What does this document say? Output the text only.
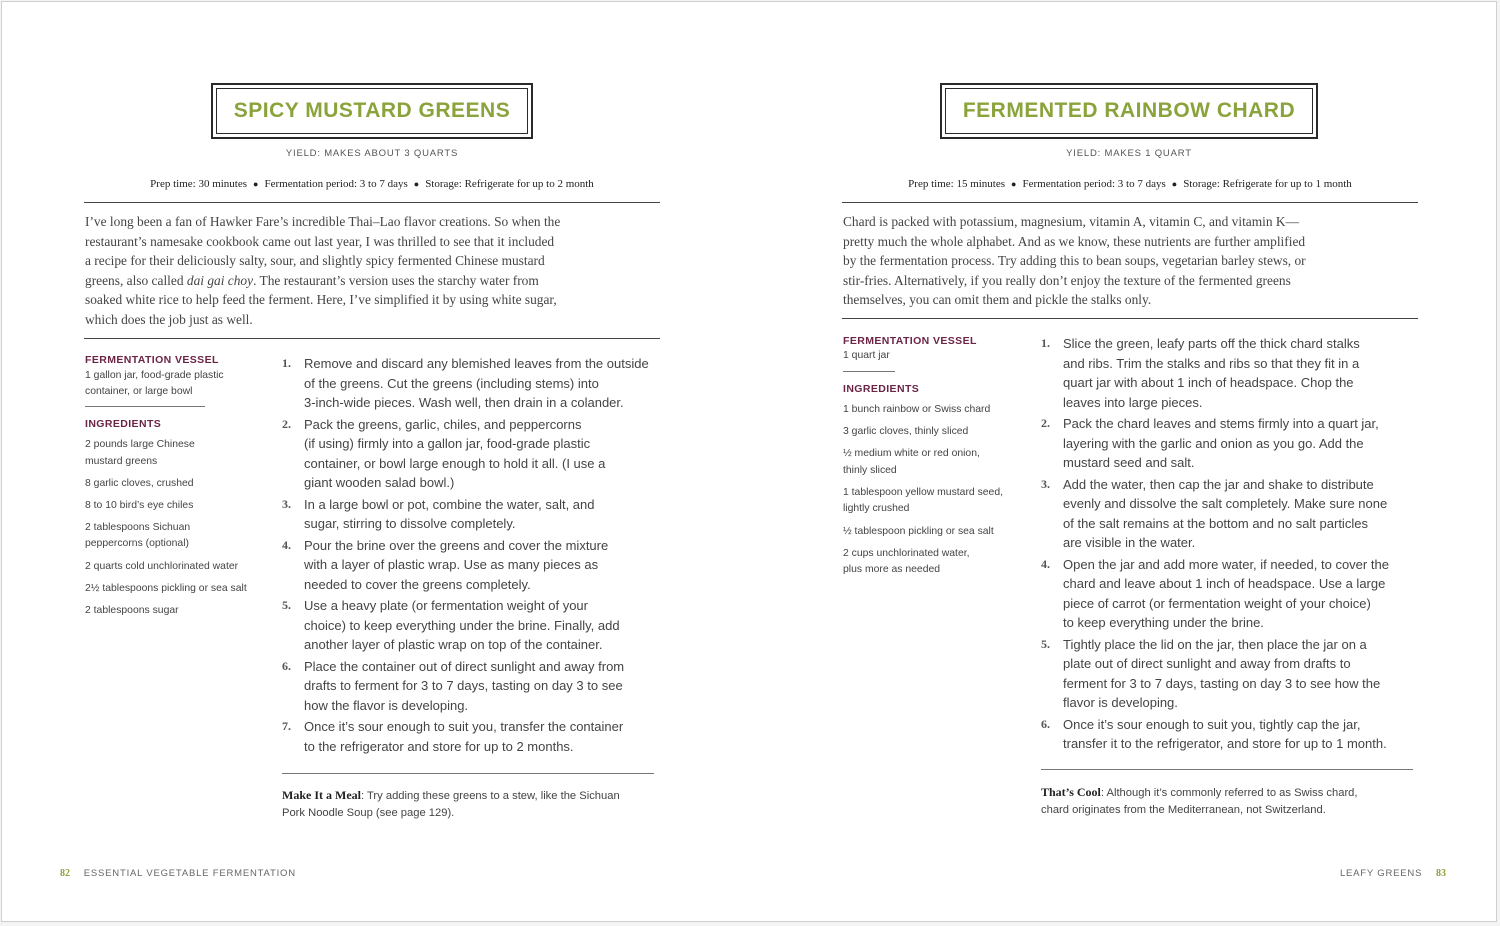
SPICY MUSTARD GREENS
YIELD: MAKES ABOUT 3 QUARTS
Prep time: 30 minutes ● Fermentation period: 3 to 7 days ● Storage: Refrigerate for up to 2 month

I’ve long been a fan of Hawker Fare’s incredible Thai–Lao flavor creations. So when the
restaurant’s namesake cookbook came out last year, I was thrilled to see that it included
a recipe for their deliciously salty, sour, and slightly spicy fermented Chinese mustard
greens, also called dai gai choy. The restaurant’s version uses the starchy water from
soaked white rice to help feed the ferment. Here, I’ve simplified it by using white sugar,
which does the job just as well.

FERMENTATION VESSEL

1 gallon jar, food-grade plastic
container, or large bowl

INGREDIENTS
2 pounds large Chinese
mustard greens
8 garlic cloves, crushed
8 to 10 bird’s eye chiles
2 tablespoons Sichuan
peppercorns (optional)
2 quarts cold unchlorinated water
2½ tablespoons pickling or sea salt
2 tablespoons sugar
1. Remove and discard any blemished leaves from the outside
of the greens. Cut the greens (including stems) into
3-inch-wide pieces. Wash well, then drain in a colander.
2. Pack the greens, garlic, chiles, and peppercorns
(if using) firmly into a gallon jar, food-grade plastic
container, or bowl large enough to hold it all. (I use a
giant wooden salad bowl.)
3. In a large bowl or pot, combine the water, salt, and
sugar, stirring to dissolve completely.
4. Pour the brine over the greens and cover the mixture
with a layer of plastic wrap. Use as many pieces as
needed to cover the greens completely.
5. Use a heavy plate (or fermentation weight of your
choice) to keep everything under the brine. Finally, add
another layer of plastic wrap on top of the container.
6. Place the container out of direct sunlight and away from
drafts to ferment for 3 to 7 days, tasting on day 3 to see
how the flavor is developing.
7. Once it’s sour enough to suit you, transfer the container
to the refrigerator and store for up to 2 months.

Make It a Meal: Try adding these greens to a stew, like the Sichuan
Pork Noodle Soup (see page 129).

82 ESSENTIAL VEGETABLE FERMENTATION
FERMENTED RAINBOW CHARD
YIELD: MAKES 1 QUART
Prep time: 15 minutes ● Fermentation period: 3 to 7 days ● Storage: Refrigerate for up to 1 month

Chard is packed with potassium, magnesium, vitamin A, vitamin C, and vitamin K—
pretty much the whole alphabet. And as we know, these nutrients are further amplified
by the fermentation process. Try adding this to bean soups, vegetarian barley stews, or
stir-fries. Alternatively, if you really don’t enjoy the texture of the fermented greens
themselves, you can omit them and pickle the stalks only.

FERMENTATION VESSEL

1 quart jar

INGREDIENTS
1 bunch rainbow or Swiss chard
3 garlic cloves, thinly sliced
½ medium white or red onion,
thinly sliced
1 tablespoon yellow mustard seed,
lightly crushed
½ tablespoon pickling or sea salt
2 cups unchlorinated water,
plus more as needed
1. Slice the green, leafy parts off the thick chard stalks
and ribs. Trim the stalks and ribs so that they fit in a
quart jar with about 1 inch of headspace. Chop the
leaves into large pieces.
2. Pack the chard leaves and stems firmly into a quart jar,
layering with the garlic and onion as you go. Add the
mustard seed and salt.
3. Add the water, then cap the jar and shake to distribute
evenly and dissolve the salt completely. Make sure none
of the salt remains at the bottom and no salt particles
are visible in the water.
4. Open the jar and add more water, if needed, to cover the
chard and leave about 1 inch of headspace. Use a large
piece of carrot (or fermentation weight of your choice)
to keep everything under the brine.
5. Tightly place the lid on the jar, then place the jar on a
plate out of direct sunlight and away from drafts to
ferment for 3 to 7 days, tasting on day 3 to see how the
flavor is developing.
6. Once it’s sour enough to suit you, tightly cap the jar,
transfer it to the refrigerator, and store for up to 1 month.

That’s Cool: Although it’s commonly referred to as Swiss chard,
chard originates from the Mediterranean, not Switzerland.

LEAFY GREENS 83
